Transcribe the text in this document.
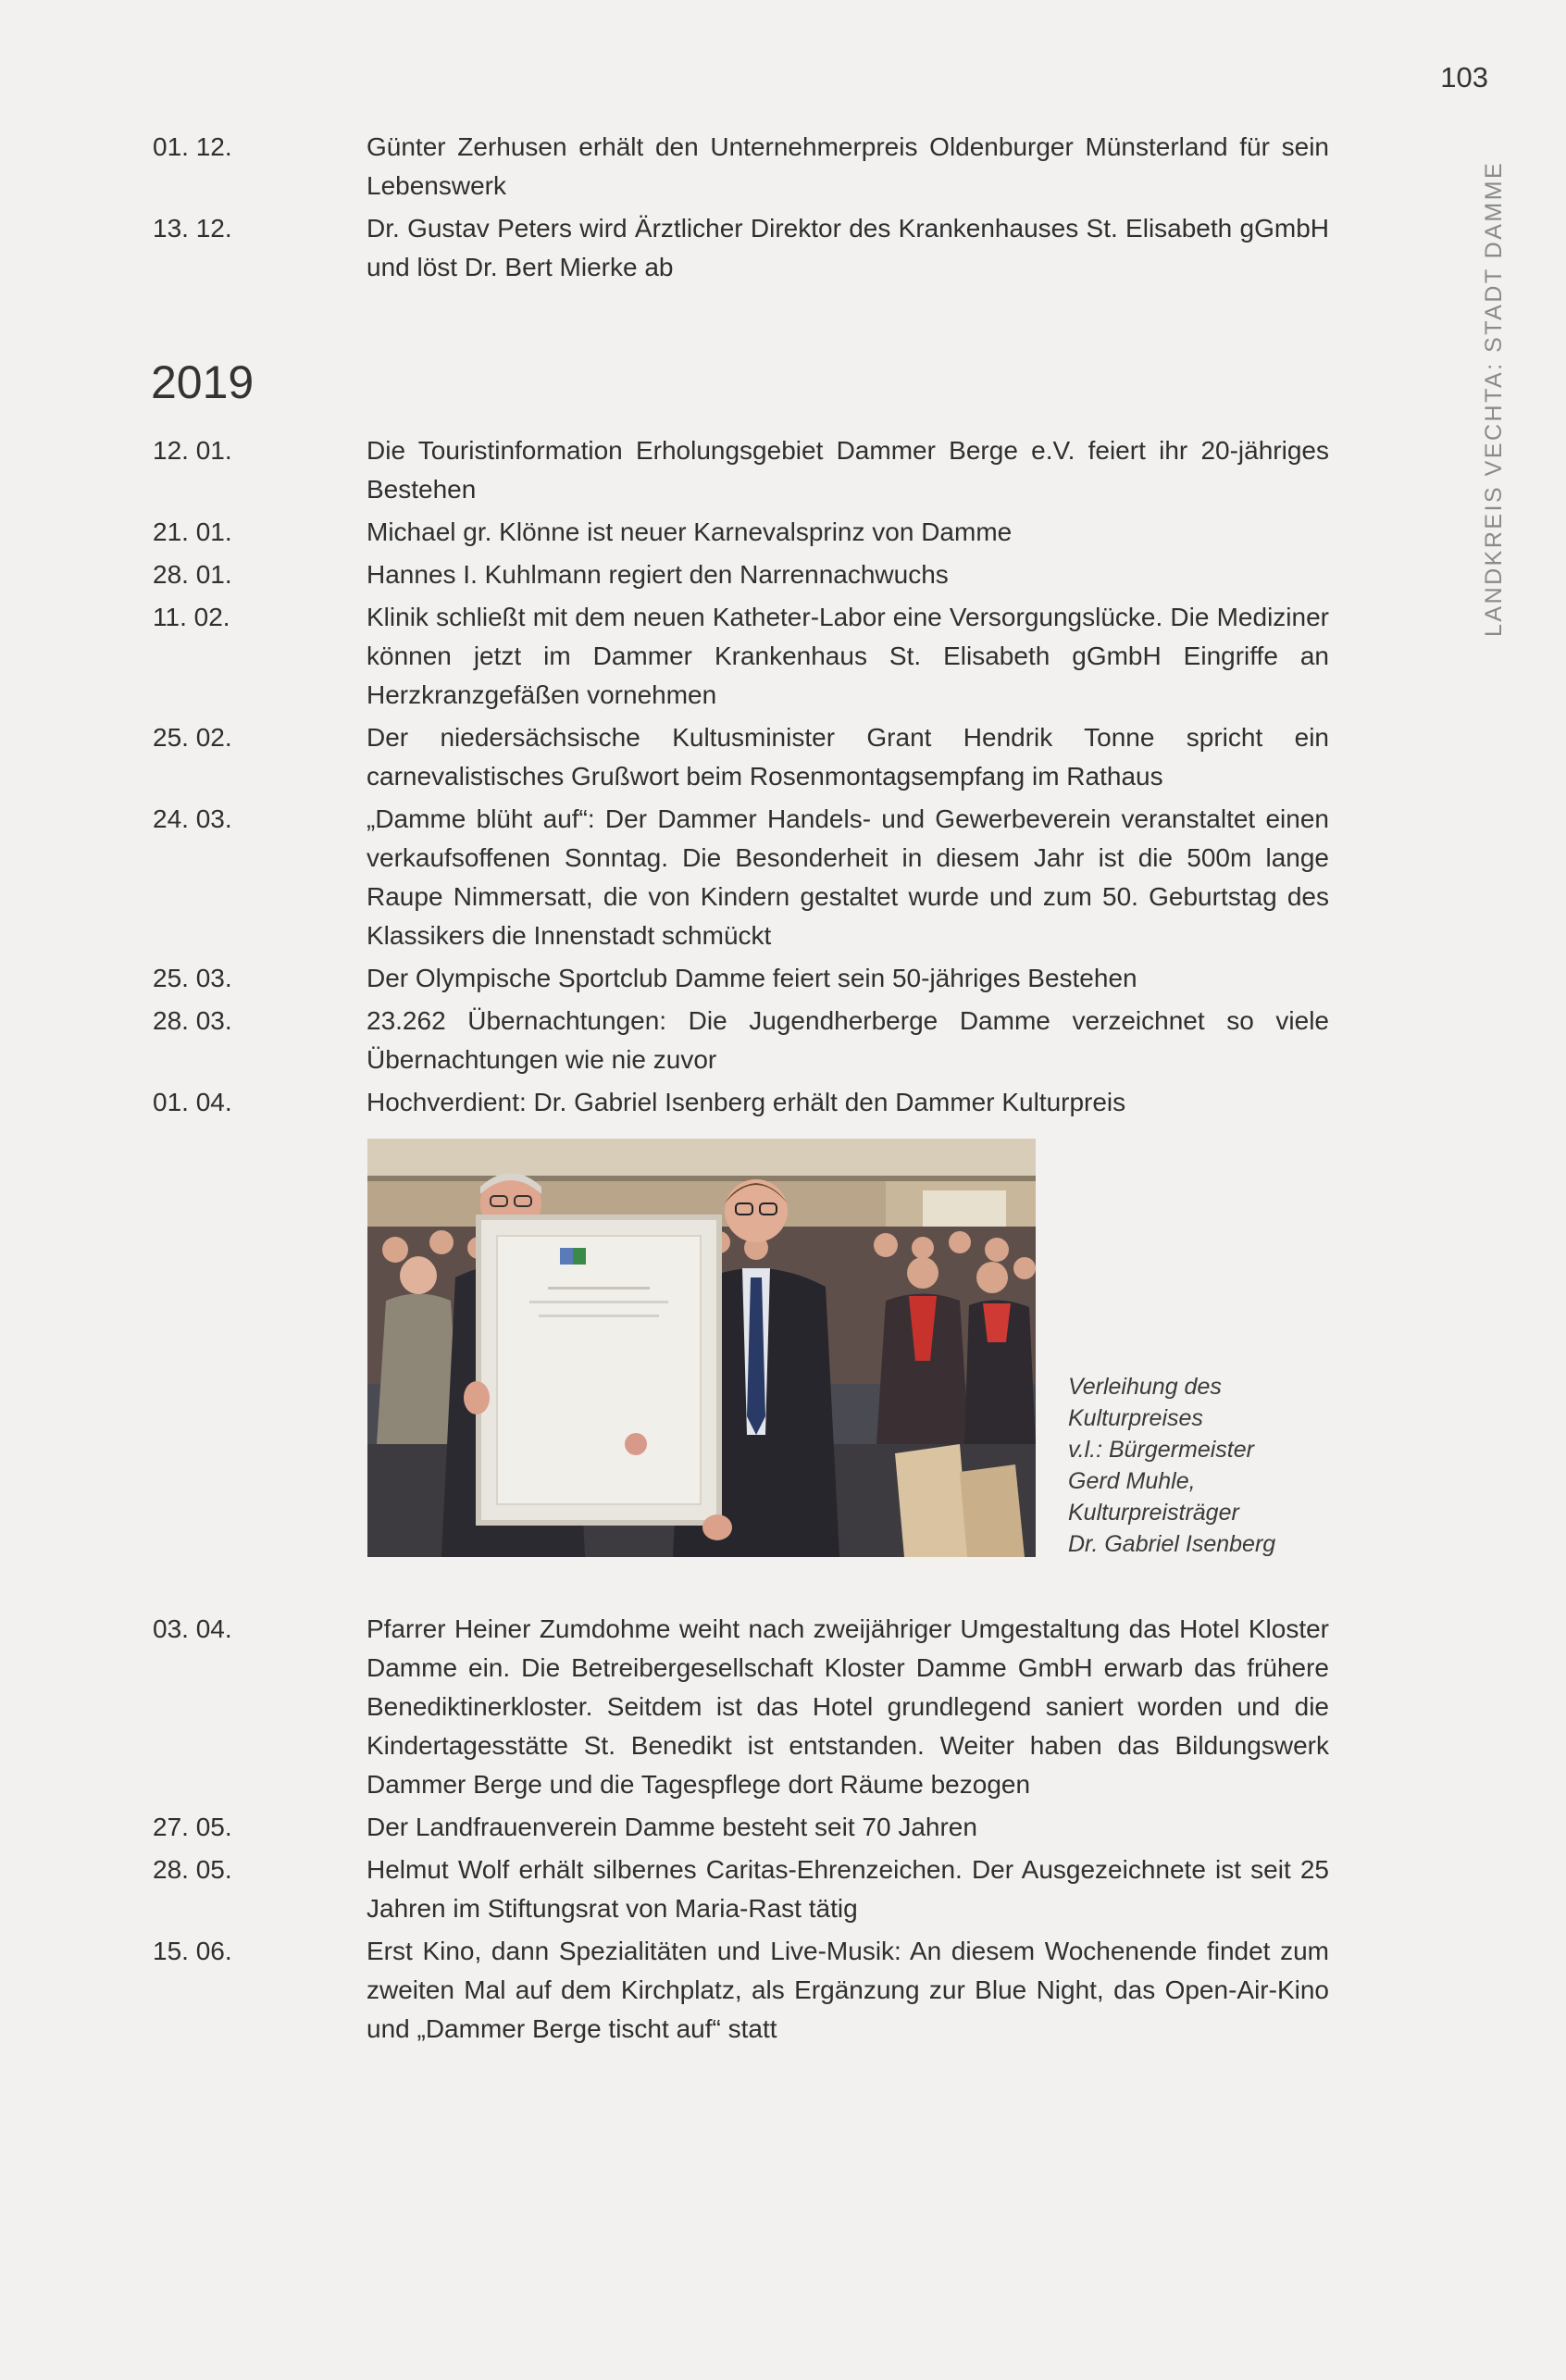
103
LANDKREIS VECHTA: STADT DAMME
01. 12.	Günter Zerhusen erhält den Unternehmerpreis Oldenburger Münsterland für sein Lebenswerk
13. 12.	Dr. Gustav Peters wird Ärztlicher Direktor des Krankenhauses St. Elisabeth gGmbH und löst Dr. Bert Mierke ab
2019
12. 01.	Die Touristinformation Erholungsgebiet Dammer Berge e.V. feiert ihr 20-jähriges Bestehen
21. 01.	Michael gr. Klönne ist neuer Karnevalsprinz von Damme
28. 01.	Hannes I. Kuhlmann regiert den Narrennachwuchs
11. 02.	Klinik schließt mit dem neuen Katheter-Labor eine Versorgungslücke. Die Mediziner können jetzt im Dammer Krankenhaus St. Elisabeth gGmbH Eingriffe an Herzkranzgefäßen vornehmen
25. 02.	Der niedersächsische Kultusminister Grant Hendrik Tonne spricht ein carnevalistisches Grußwort beim Rosenmontagsempfang im Rathaus
24. 03.	„Damme blüht auf“: Der Dammer Handels- und Gewerbeverein veranstaltet einen verkaufsoffenen Sonntag. Die Besonderheit in diesem Jahr ist die 500m lange Raupe Nimmersatt, die von Kindern gestaltet wurde und zum 50. Geburtstag des Klassikers die Innenstadt schmückt
25. 03.	Der Olympische Sportclub Damme feiert sein 50-jähriges Bestehen
28. 03.	23.262 Übernachtungen: Die Jugendherberge Damme verzeichnet so viele Übernachtungen wie nie zuvor
01. 04.	Hochverdient: Dr. Gabriel Isenberg erhält den Dammer Kulturpreis
Verleihung des
Kulturpreises
v.l.: Bürgermeister
Gerd Muhle,
Kulturpreisträger
Dr. Gabriel Isenberg
03. 04.	Pfarrer Heiner Zumdohme weiht nach zweijähriger Umgestaltung das Hotel Kloster Damme ein. Die Betreibergesellschaft Kloster Damme GmbH erwarb das frühere Benediktinerkloster. Seitdem ist das Hotel grundlegend saniert worden und die Kindertagesstätte St. Benedikt ist entstanden. Weiter haben das Bildungswerk Dammer Berge und die Tagespflege dort Räume bezogen
27. 05.	Der Landfrauenverein Damme besteht seit 70 Jahren
28. 05.	Helmut Wolf erhält silbernes Caritas-Ehrenzeichen. Der Ausgezeichnete ist seit 25 Jahren im Stiftungsrat von Maria-Rast tätig
15. 06.	Erst Kino, dann Spezialitäten und Live-Musik: An diesem Wochenende findet zum zweiten Mal auf dem Kirchplatz, als Ergänzung zur Blue Night, das Open-Air-Kino und „Dammer Berge tischt auf“ statt
